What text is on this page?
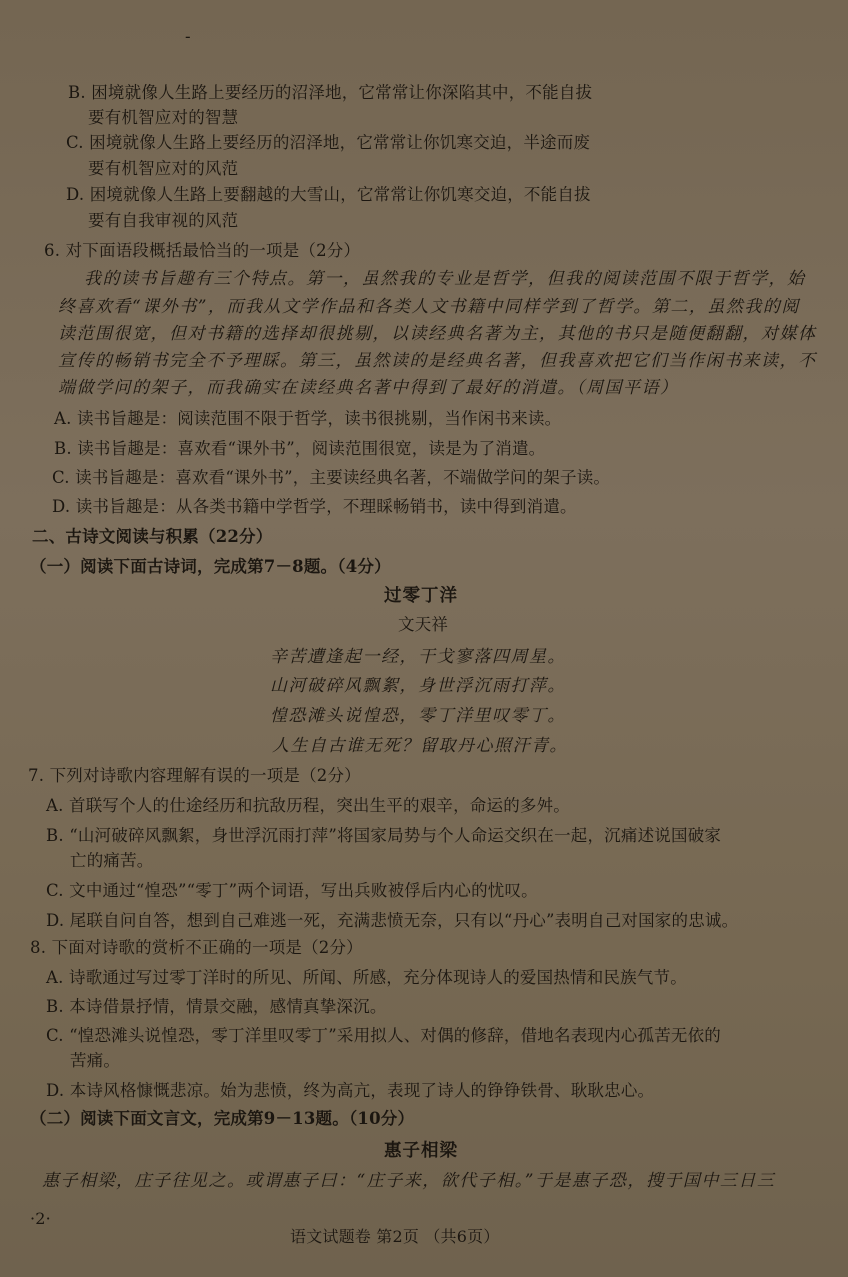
-
B. 困境就像人生路上要经历的沼泽地，它常常让你深陷其中，不能自拔
要有机智应对的智慧
C. 困境就像人生路上要经历的沼泽地，它常常让你饥寒交迫，半途而废
要有机智应对的风范
D. 困境就像人生路上要翻越的大雪山，它常常让你饥寒交迫，不能自拔
要有自我审视的风范
6. 对下面语段概括最恰当的一项是（2分）
我的读书旨趣有三个特点。第一，虽然我的专业是哲学，但我的阅读范围不限于哲学，始
终喜欢看“课外书”，而我从文学作品和各类人文书籍中同样学到了哲学。第二，虽然我的阅
读范围很宽，但对书籍的选择却很挑剔，以读经典名著为主，其他的书只是随便翻翻，对媒体
宣传的畅销书完全不予理睬。第三，虽然读的是经典名著，但我喜欢把它们当作闲书来读，不
端做学问的架子，而我确实在读经典名著中得到了最好的消遣。（周国平语）
A. 读书旨趣是：阅读范围不限于哲学，读书很挑剔，当作闲书来读。
B. 读书旨趣是：喜欢看“课外书”，阅读范围很宽，读是为了消遣。
C. 读书旨趣是：喜欢看“课外书”，主要读经典名著，不端做学问的架子读。
D. 读书旨趣是：从各类书籍中学哲学，不理睬畅销书，读中得到消遣。
二、古诗文阅读与积累（22分）
（一）阅读下面古诗词，完成第7－8题。（4分）
过零丁洋
文天祥
辛苦遭逢起一经，干戈寥落四周星。
山河破碎风飘絮，身世浮沉雨打萍。
惶恐滩头说惶恐，零丁洋里叹零丁。
人生自古谁无死？留取丹心照汗青。
7. 下列对诗歌内容理解有误的一项是（2分）
A. 首联写个人的仕途经历和抗敌历程，突出生平的艰辛，命运的多舛。
B. “山河破碎风飘絮，身世浮沉雨打萍”将国家局势与个人命运交织在一起，沉痛述说国破家
亡的痛苦。
C. 文中通过“惶恐”“零丁”两个词语，写出兵败被俘后内心的忧叹。
D. 尾联自问自答，想到自己难逃一死，充满悲愤无奈，只有以“丹心”表明自己对国家的忠诚。
8. 下面对诗歌的赏析不正确的一项是（2分）
A. 诗歌通过写过零丁洋时的所见、所闻、所感，充分体现诗人的爱国热情和民族气节。
B. 本诗借景抒情，情景交融，感情真挚深沉。
C. “惶恐滩头说惶恐，零丁洋里叹零丁”采用拟人、对偶的修辞，借地名表现内心孤苦无依的
苦痛。
D. 本诗风格慷慨悲凉。始为悲愤，终为高亢，表现了诗人的铮铮铁骨、耿耿忠心。
（二）阅读下面文言文，完成第9－13题。（10分）
惠子相梁
惠子相梁，庄子往见之。或谓惠子曰：“庄子来，欲代子相。”于是惠子恐，搜于国中三日三
·2·
语文试题卷 第2页 （共6页）
